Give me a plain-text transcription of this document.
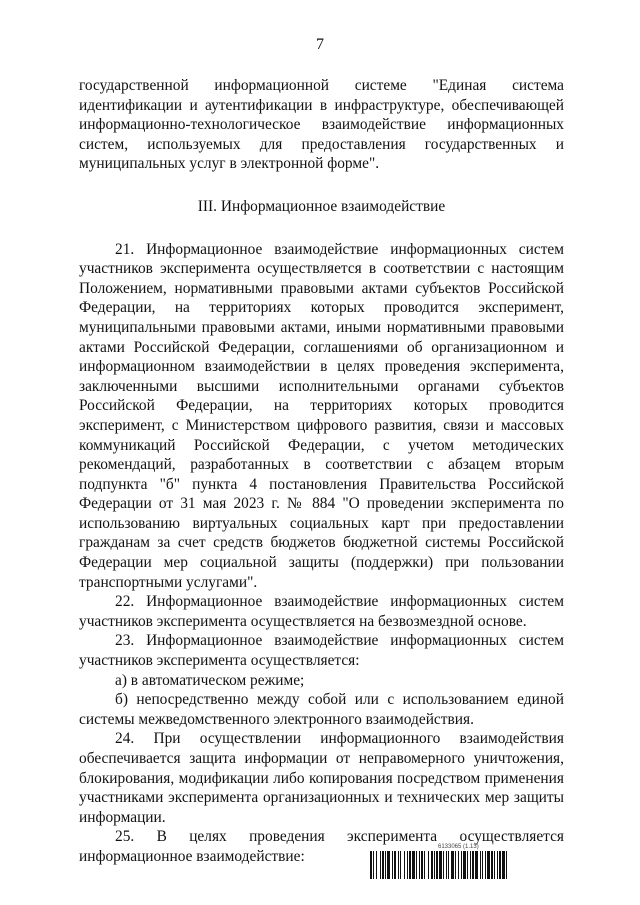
7

государственной информационной системе "Единая система идентификации и аутентификации в инфраструктуре, обеспечивающей информационно-технологическое взаимодействие информационных систем, используемых для предоставления государственных и муниципальных услуг в электронной форме".

III. Информационное взаимодействие

21. Информационное взаимодействие информационных систем участников эксперимента осуществляется в соответствии с настоящим Положением, нормативными правовыми актами субъектов Российской Федерации, на территориях которых проводится эксперимент, муниципальными правовыми актами, иными нормативными правовыми актами Российской Федерации, соглашениями об организационном и информационном взаимодействии в целях проведения эксперимента, заключенными высшими исполнительными органами субъектов Российской Федерации, на территориях которых проводится эксперимент, с Министерством цифрового развития, связи и массовых коммуникаций Российской Федерации, с учетом методических рекомендаций, разработанных в соответствии с абзацем вторым подпункта "б" пункта 4 постановления Правительства Российской Федерации от 31 мая 2023 г. № 884 "О проведении эксперимента по использованию виртуальных социальных карт при предоставлении гражданам за счет средств бюджетов бюджетной системы Российской Федерации мер социальной защиты (поддержки) при пользовании транспортными услугами".

22. Информационное взаимодействие информационных систем участников эксперимента осуществляется на безвозмездной основе.

23. Информационное взаимодействие информационных систем участников эксперимента осуществляется:

а) в автоматическом режиме;

б) непосредственно между собой или с использованием единой системы межведомственного электронного взаимодействия.

24. При осуществлении информационного взаимодействия обеспечивается защита информации от неправомерного уничтожения, блокирования, модификации либо копирования посредством применения участниками эксперимента организационных и технических мер защиты информации.

25. В целях проведения эксперимента осуществляется информационное взаимодействие:

6133065 (1.13)
